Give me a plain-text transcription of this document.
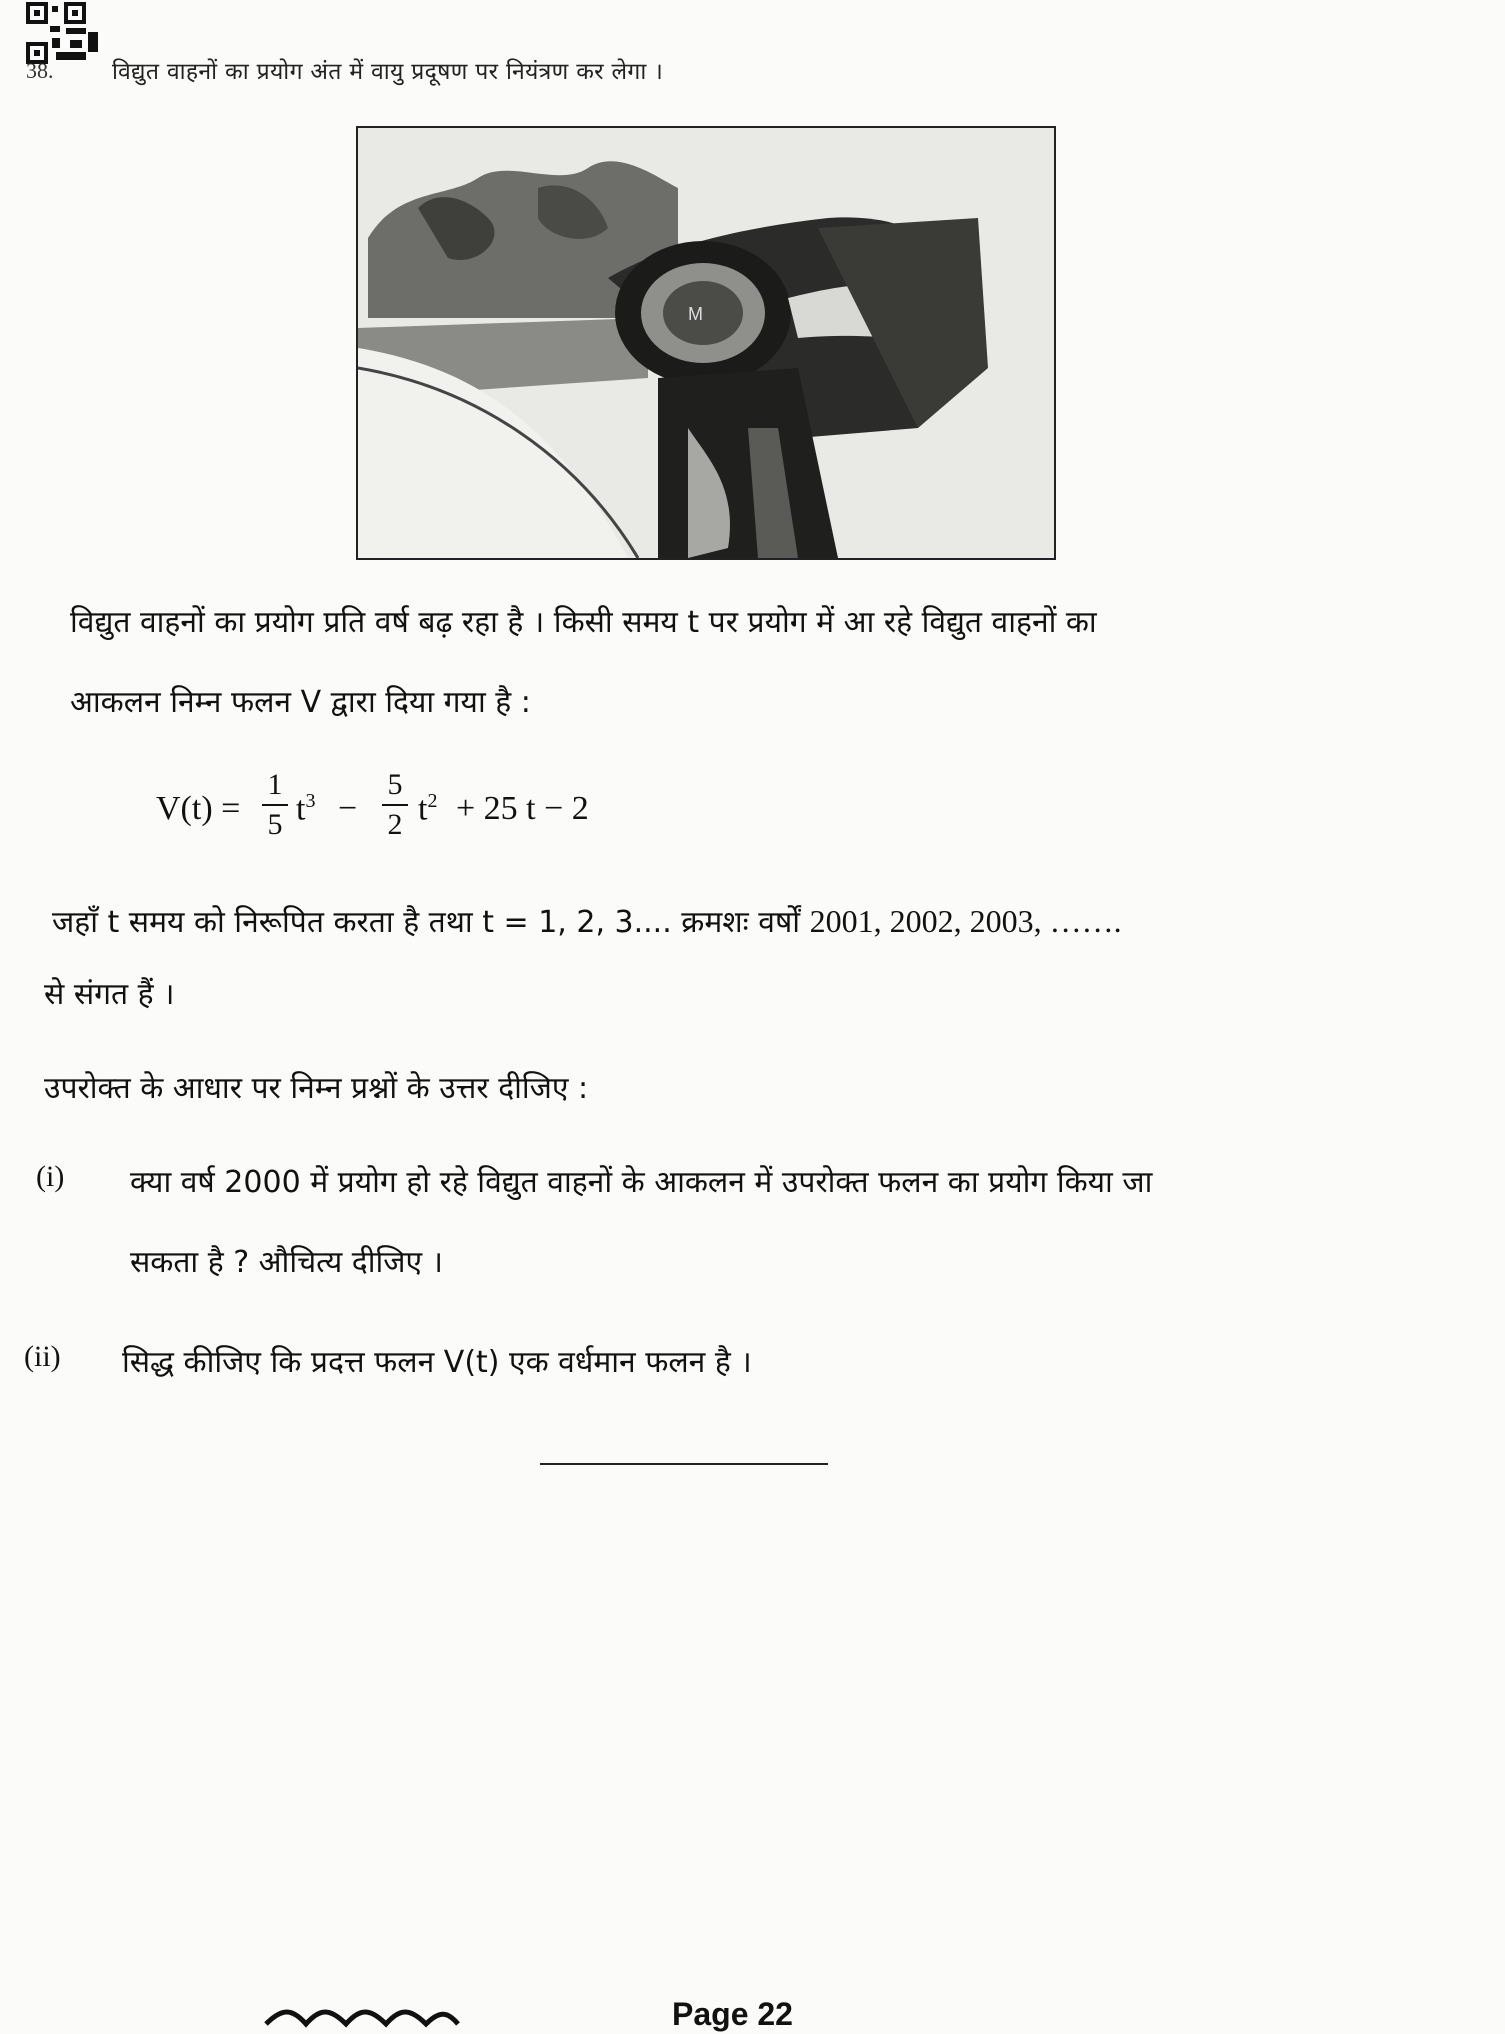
38.	विद्युत वाहनों का प्रयोग अंत में वायु प्रदूषण पर नियंत्रण कर लेगा ।
M
विद्युत वाहनों का प्रयोग प्रति वर्ष बढ़ रहा है । किसी समय t पर प्रयोग में आ रहे विद्युत वाहनों का
आकलन निम्न फलन V द्वारा दिया गया है :
V(t) =
1
5 $t^3$ −
5
2 $t^2 + 25$ t − 2
जहाँ t समय को निरूपित करता है तथा t = 1, 2, 3.... क्रमशः वर्षों 2001, 2002, 2003, …….
से संगत हैं ।
उपरोक्त के आधार पर निम्न प्रश्नों के उत्तर दीजिए :
(i) क्या वर्ष 2000 में प्रयोग हो रहे विद्युत वाहनों के आकलन में उपरोक्त फलन का प्रयोग किया जा
सकता है ? औचित्य दीजिए ।
(ii) सिद्ध कीजिए कि प्रदत्त फलन V(t) एक वर्धमान फलन है ।
Page 22
